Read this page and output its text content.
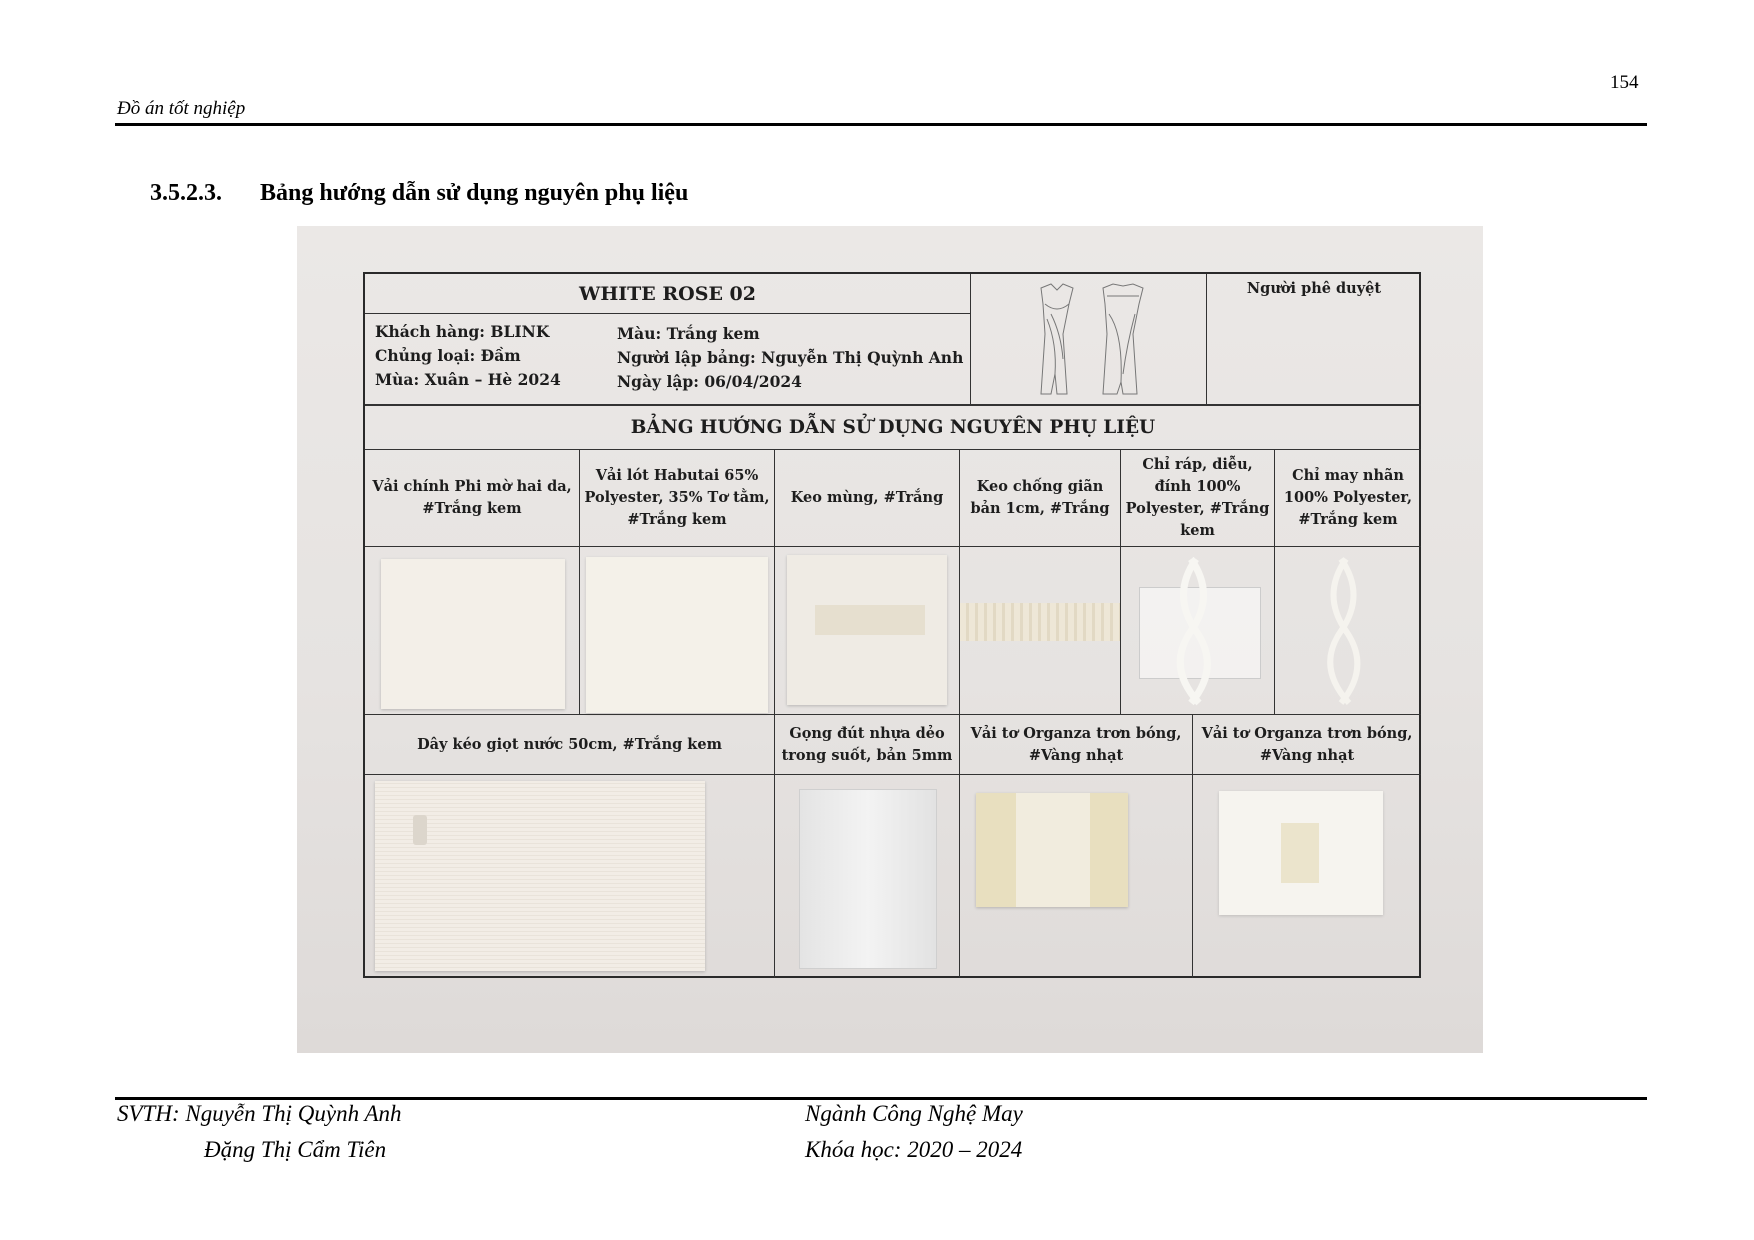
154
Đồ án tốt nghiệp
3.5.2.3. Bảng hướng dẫn sử dụng nguyên phụ liệu
WHITE ROSE 02
Khách hàng: BLINK
Chủng loại: Đầm
Mùa: Xuân – Hè 2024
Màu: Trắng kem
Người lập bảng: Nguyễn Thị Quỳnh Anh
Ngày lập: 06/04/2024
Người phê duyệt
BẢNG HƯỚNG DẪN SỬ DỤNG NGUYÊN PHỤ LIỆU
Vải chính Phi mờ hai da, #Trắng kem
Vải lót Habutai 65% Polyester, 35% Tơ tằm, #Trắng kem
Keo mùng, #Trắng
Keo chống giãn bản 1cm, #Trắng
Chỉ ráp, diễu, đính 100% Polyester, #Trắng kem
Chỉ may nhãn 100% Polyester, #Trắng kem
Dây kéo giọt nước 50cm, #Trắng kem
Gọng đút nhựa dẻo trong suốt, bản 5mm
Vải tơ Organza trơn bóng, #Vàng nhạt
Vải tơ Organza trơn bóng, #Vàng nhạt
SVTH: Nguyễn Thị Quỳnh Anh
Đặng Thị Cẩm Tiên
Ngành Công Nghệ May
Khóa học: 2020 – 2024
